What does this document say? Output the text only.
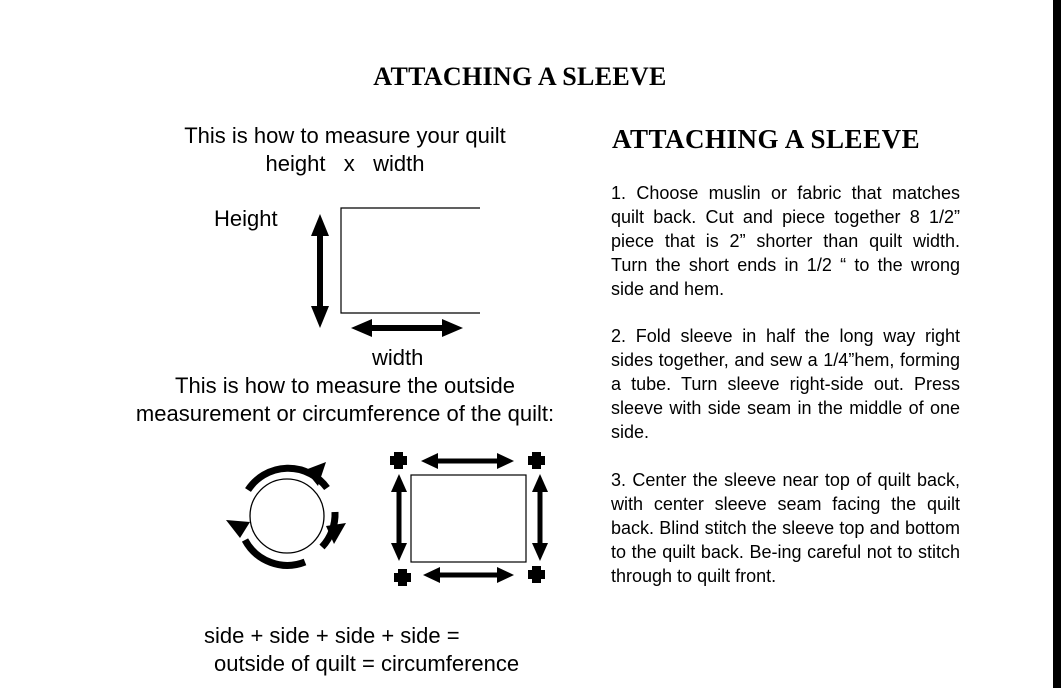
ATTACHING A SLEEVE
This is how to measure your quilt
height   x   width
Height
width
This is how to measure the outside
measurement or circumference of the quilt:
side + side + side + side =
outside of quilt = circumference
ATTACHING A SLEEVE

1. Choose muslin or fabric that matches quilt back. Cut and piece together 8 1/2” piece that is 2” shorter than quilt width. Turn the short ends in 1/2 “ to the wrong side and hem.

2. Fold sleeve in half the long way right sides together, and sew a 1/4”hem, forming a tube. Turn sleeve right-side out. Press sleeve with side seam in the middle of one side.

3. Center the sleeve near top of quilt back, with center sleeve seam facing the quilt back. Blind stitch the sleeve top and bottom to the quilt back. Be-ing careful not to stitch through to quilt front.
